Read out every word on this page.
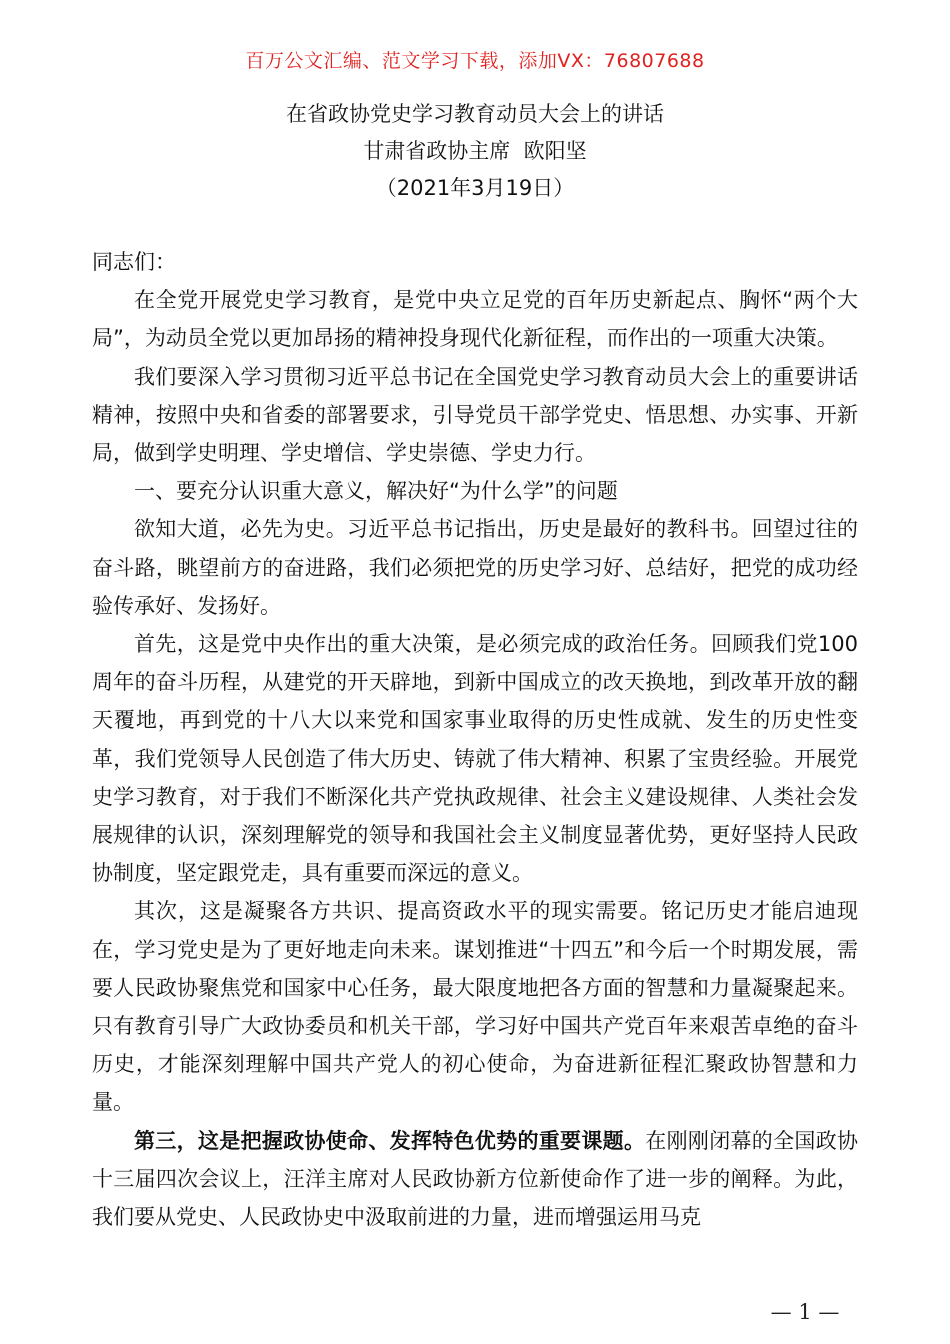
百万公文汇编、范文学习下载，添加VX：76807688
在省政协党史学习教育动员大会上的讲话
甘肃省政协主席  欧阳坚
（2021年3月19日）

同志们：

在全党开展党史学习教育，是党中央立足党的百年历史新起点、胸怀“两个大局”，为动员全党以更加昂扬的精神投身现代化新征程，而作出的一项重大决策。

我们要深入学习贯彻习近平总书记在全国党史学习教育动员大会上的重要讲话精神，按照中央和省委的部署要求，引导党员干部学党史、悟思想、办实事、开新局，做到学史明理、学史增信、学史崇德、学史力行。

一、要充分认识重大意义，解决好“为什么学”的问题

欲知大道，必先为史。习近平总书记指出，历史是最好的教科书。回望过往的奋斗路，眺望前方的奋进路，我们必须把党的历史学习好、总结好，把党的成功经验传承好、发扬好。

首先，这是党中央作出的重大决策，是必须完成的政治任务。回顾我们党100周年的奋斗历程，从建党的开天辟地，到新中国成立的改天换地，到改革开放的翻天覆地，再到党的十八大以来党和国家事业取得的历史性成就、发生的历史性变革，我们党领导人民创造了伟大历史、铸就了伟大精神、积累了宝贵经验。开展党史学习教育，对于我们不断深化共产党执政规律、社会主义建设规律、人类社会发展规律的认识，深刻理解党的领导和我国社会主义制度显著优势，更好坚持人民政协制度，坚定跟党走，具有重要而深远的意义。

其次，这是凝聚各方共识、提高资政水平的现实需要。铭记历史才能启迪现在，学习党史是为了更好地走向未来。谋划推进“十四五”和今后一个时期发展，需要人民政协聚焦党和国家中心任务，最大限度地把各方面的智慧和力量凝聚起来。只有教育引导广大政协委员和机关干部，学习好中国共产党百年来艰苦卓绝的奋斗历史，才能深刻理解中国共产党人的初心使命，为奋进新征程汇聚政协智慧和力量。

第三，这是把握政协使命、发挥特色优势的重要课题。在刚刚闭幕的全国政协十三届四次会议上，汪洋主席对人民政协新方位新使命作了进一步的阐释。为此，我们要从党史、人民政协史中汲取前进的力量，进而增强运用马克

— 1 —
